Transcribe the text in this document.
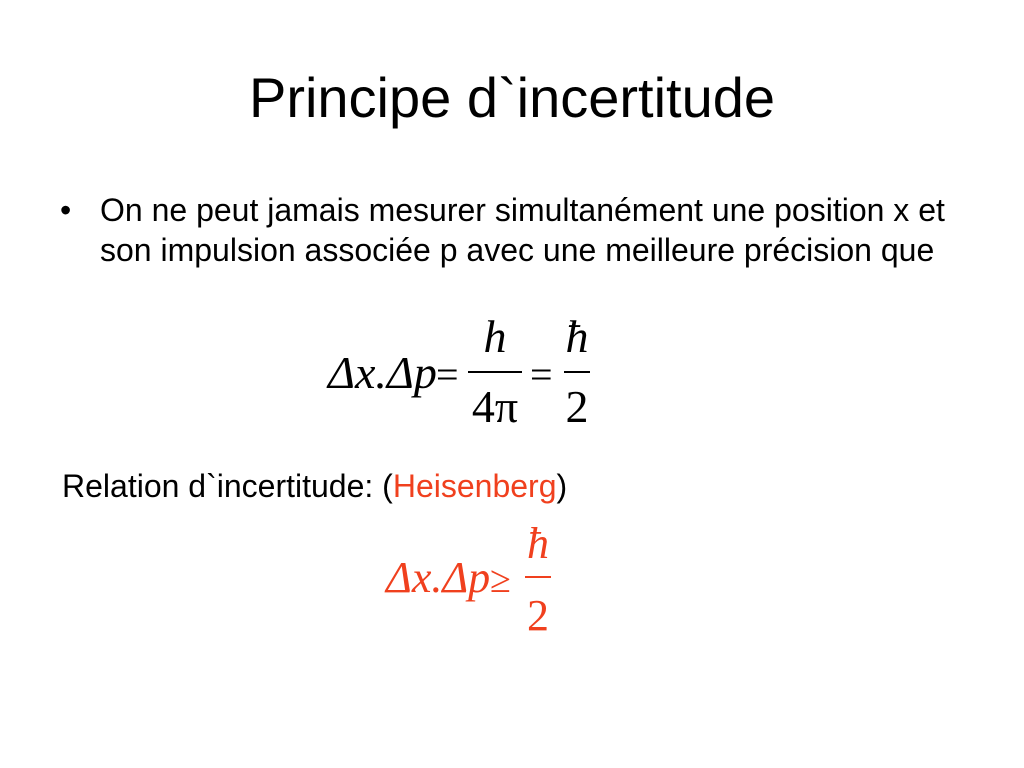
Principe d`incertitude
• On ne peut jamais mesurer simultanément une position x et son impulsion associée p avec une meilleure précision que
Δx.Δp =
h
4π
=
ħ
2
Relation d`incertitude: (Heisenberg)
Δx.Δp ≥
ħ
2
